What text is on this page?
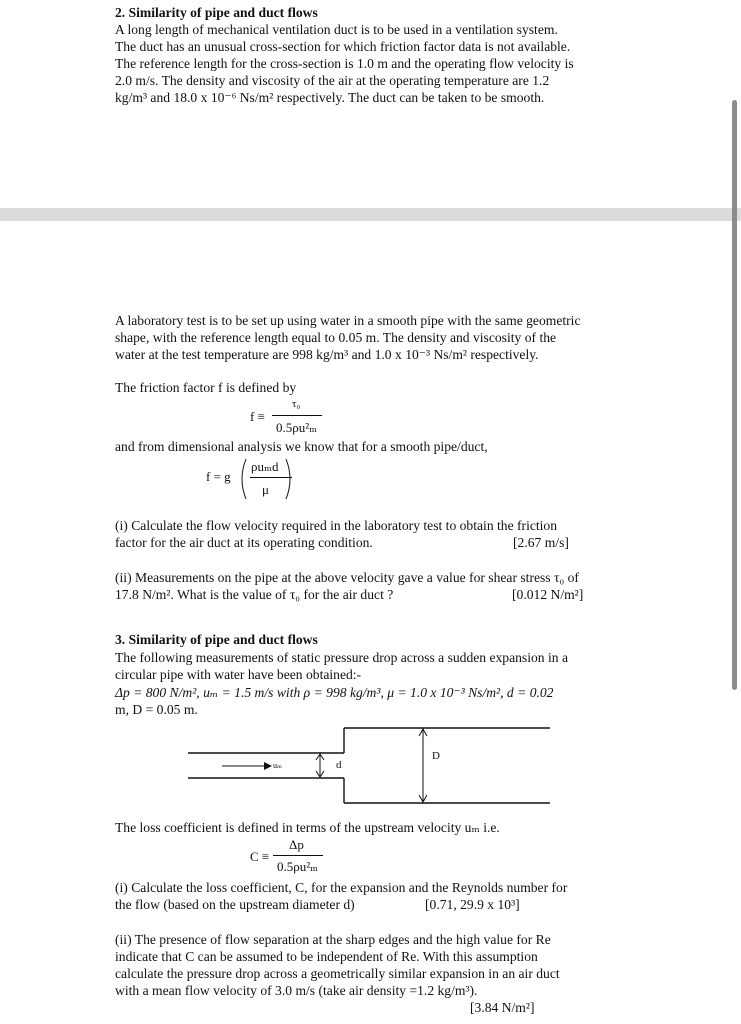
2. Similarity of pipe and duct flows
A long length of mechanical ventilation duct is to be used in a ventilation system.
The duct has an unusual cross-section for which friction factor data is not available.
The reference length for the cross-section is 1.0 m and the operating flow velocity is
2.0 m/s. The density and viscosity of the air at the operating temperature are 1.2
kg/m³ and 18.0 x 10⁻⁶ Ns/m² respectively. The duct can be taken to be smooth.
A laboratory test is to be set up using water in a smooth pipe with the same geometric
shape, with the reference length equal to 0.05 m. The density and viscosity of the
water at the test temperature are 998 kg/m³ and 1.0 x 10⁻³ Ns/m² respectively.
The friction factor f is defined by
f ≡
τ₀
0.5ρu²ₘ
and from dimensional analysis we know that for a smooth pipe/duct,
f = g
ρuₘd
μ
(i) Calculate the flow velocity required in the laboratory test to obtain the friction
factor for the air duct at its operating condition.	[2.67 m/s]
(ii) Measurements on the pipe at the above velocity gave a value for shear stress τ₀ of
17.8 N/m². What is the value of τ₀ for the air duct ?	[0.012 N/m²]
3. Similarity of pipe and duct flows
The following measurements of static pressure drop across a sudden expansion in a
circular pipe with water have been obtained:-
Δp = 800 N/m², uₘ = 1.5 m/s with ρ = 998 kg/m³, μ = 1.0 x 10⁻³ Ns/m², d = 0.02
m, D = 0.05 m.
uₘ	d
D
The loss coefficient is defined in terms of the upstream velocity uₘ i.e.
C ≡
Δp
0.5ρu²ₘ
(i) Calculate the loss coefficient, C, for the expansion and the Reynolds number for
the flow (based on the upstream diameter d)	[0.71, 29.9 x 10³]
(ii) The presence of flow separation at the sharp edges and the high value for Re
indicate that C can be assumed to be independent of Re. With this assumption
calculate the pressure drop across a geometrically similar expansion in an air duct
with a mean flow velocity of 3.0 m/s (take air density =1.2 kg/m³).
[3.84 N/m²]
